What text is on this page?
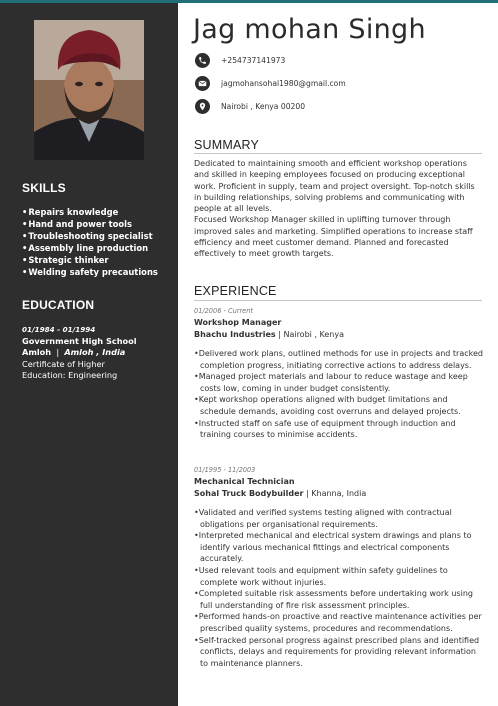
SKILLS
• Repairs knowledge
• Hand and power tools
• Troubleshooting specialist
• Assembly line production
• Strategic thinker
• Welding safety precautions
EDUCATION
01/1984 - 01/1994
Government High School
Amloh  |  Amloh , India
Certificate of Higher
Education: Engineering
Jag mohan Singh
+254737141973
jagmohansohal1980@gmail.com
Nairobi , Kenya 00200
SUMMARY

Dedicated to maintaining smooth and efficient workshop operations and skilled in keeping employees focused on producing exceptional work. Proficient in supply, team and project oversight. Top-notch skills in building relationships, solving problems and communicating with people at all levels.

Focused Workshop Manager skilled in uplifting turnover through improved sales and marketing. Simplified operations to increase staff efficiency and meet customer demand. Planned and forecasted effectively to meet growth targets.

EXPERIENCE
01/2006 - Current
Workshop Manager
Bhachu Industries | Nairobi , Kenya
• Delivered work plans, outlined methods for use in projects and tracked completion progress, initiating corrective actions to address delays.
• Managed project materials and labour to reduce wastage and keep costs low, coming in under budget consistently.
• Kept workshop operations aligned with budget limitations and schedule demands, avoiding cost overruns and delayed projects.
• Instructed staff on safe use of equipment through induction and training courses to minimise accidents.
01/1995 - 11/2003
Mechanical Technician
Sohal Truck Bodybuilder | Khanna, India
• Validated and verified systems testing aligned with contractual obligations per organisational requirements.
• Interpreted mechanical and electrical system drawings and plans to identify various mechanical fittings and electrical components accurately.
• Used relevant tools and equipment within safety guidelines to complete work without injuries.
• Completed suitable risk assessments before undertaking work using full understanding of fire risk assessment principles.
• Performed hands-on proactive and reactive maintenance activities per prescribed quality systems, procedures and recommendations.
• Self-tracked personal progress against prescribed plans and identified conflicts, delays and requirements for providing relevant information to maintenance planners.
